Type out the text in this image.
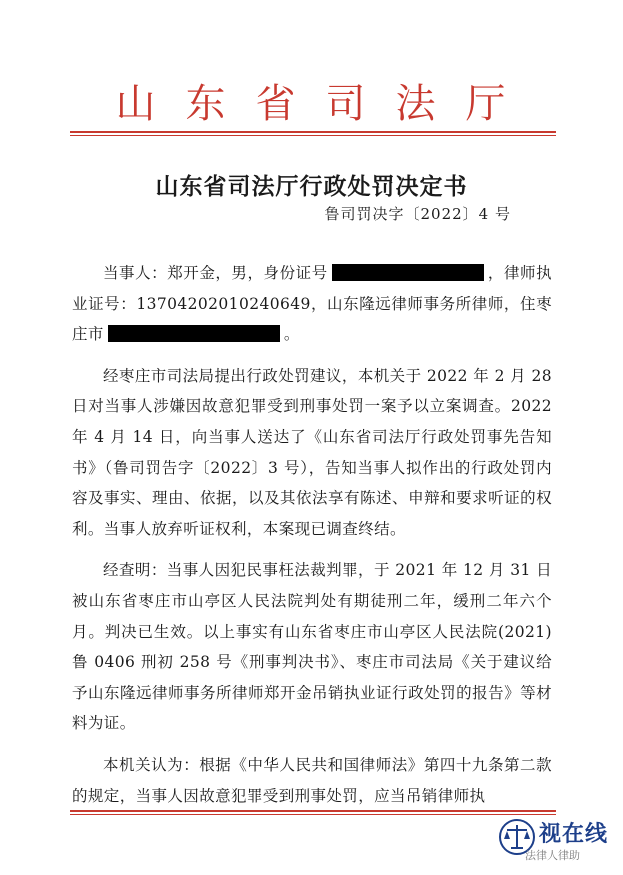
山东省司法厅
山东省司法厅行政处罚决定书
鲁司罚决字〔2022〕4 号

当事人：郑开金，男，身份证号	，律师执业证号：13704202010240649，山东隆远律师事务所律师，住枣庄市	。

经枣庄市司法局提出行政处罚建议，本机关于 2022 年 2 月 28 日对当事人涉嫌因故意犯罪受到刑事处罚一案予以立案调查。2022 年 4 月 14 日，向当事人送达了《山东省司法厅行政处罚事先告知书》（鲁司罚告字〔2022〕3 号），告知当事人拟作出的行政处罚内容及事实、理由、依据，以及其依法享有陈述、申辩和要求听证的权利。当事人放弃听证权利，本案现已调查终结。

经查明：当事人因犯民事枉法裁判罪，于 2021 年 12 月 31 日被山东省枣庄市山亭区人民法院判处有期徒刑二年，缓刑二年六个月。判决已生效。以上事实有山东省枣庄市山亭区人民法院(2021)鲁 0406 刑初 258 号《刑事判决书》、枣庄市司法局《关于建议给予山东隆远律师事务所律师郑开金吊销执业证行政处罚的报告》等材料为证。

本机关认为：根据《中华人民共和国律师法》第四十九条第二款的规定，当事人因故意犯罪受到刑事处罚，应当吊销律师执

视在线
法律人律助
